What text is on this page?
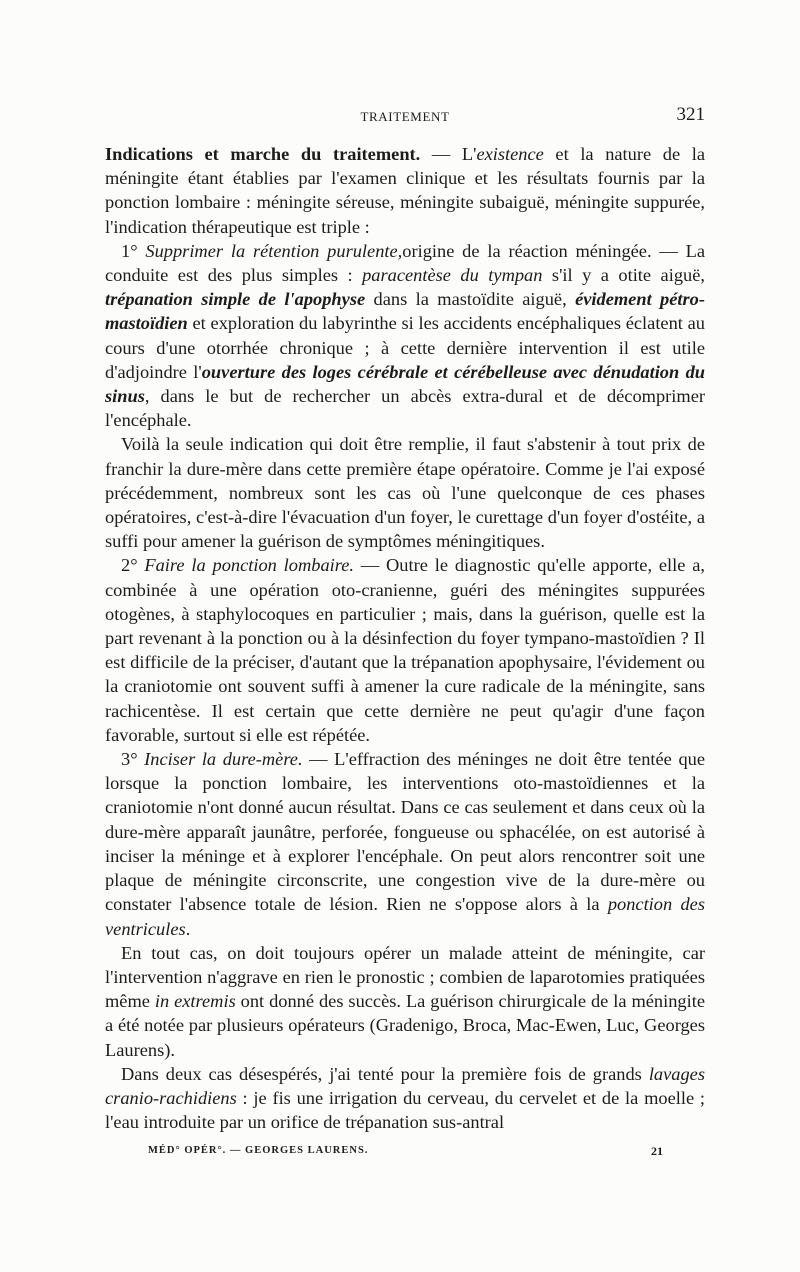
TRAITEMENT	321

Indications et marche du traitement. — L'existence et la nature de la méningite étant établies par l'examen clinique et les résultats fournis par la ponction lombaire : méningite séreuse, méningite subaiguë, méningite suppurée, l'indication thérapeutique est triple :

1° Supprimer la rétention purulente,origine de la réaction méningée. — La conduite est des plus simples : paracentèse du tympan s'il y a otite aiguë, trépanation simple de l'apophyse dans la mastoïdite aiguë, évidement pétro-mastoïdien et exploration du labyrinthe si les accidents encéphaliques éclatent au cours d'une otorrhée chronique ; à cette dernière intervention il est utile d'adjoindre l'ouverture des loges cérébrale et cérébelleuse avec dénudation du sinus, dans le but de rechercher un abcès extra-dural et de décomprimer l'encéphale.

Voilà la seule indication qui doit être remplie, il faut s'abstenir à tout prix de franchir la dure-mère dans cette première étape opératoire. Comme je l'ai exposé précédemment, nombreux sont les cas où l'une quelconque de ces phases opératoires, c'est-à-dire l'évacuation d'un foyer, le curettage d'un foyer d'ostéite, a suffi pour amener la guérison de symptômes méningitiques.

2° Faire la ponction lombaire. — Outre le diagnostic qu'elle apporte, elle a, combinée à une opération oto-cranienne, guéri des méningites suppurées otogènes, à staphylocoques en particulier ; mais, dans la guérison, quelle est la part revenant à la ponction ou à la désinfection du foyer tympano-mastoïdien ? Il est difficile de la préciser, d'autant que la trépanation apophysaire, l'évidement ou la craniotomie ont souvent suffi à amener la cure radicale de la méningite, sans rachicentèse. Il est certain que cette dernière ne peut qu'agir d'une façon favorable, surtout si elle est répétée.

3° Inciser la dure-mère. — L'effraction des méninges ne doit être tentée que lorsque la ponction lombaire, les interventions oto-mastoïdiennes et la craniotomie n'ont donné aucun résultat. Dans ce cas seulement et dans ceux où la dure-mère apparaît jaunâtre, perforée, fongueuse ou sphacélée, on est autorisé à inciser la méninge et à explorer l'encéphale. On peut alors rencontrer soit une plaque de méningite circonscrite, une congestion vive de la dure-mère ou constater l'absence totale de lésion. Rien ne s'oppose alors à la ponction des ventricules.

En tout cas, on doit toujours opérer un malade atteint de méningite, car l'intervention n'aggrave en rien le pronostic ; combien de laparotomies pratiquées même in extremis ont donné des succès. La guérison chirurgicale de la méningite a été notée par plusieurs opérateurs (Gradenigo, Broca, Mac-Ewen, Luc, Georges Laurens).

Dans deux cas désespérés, j'ai tenté pour la première fois de grands lavages cranio-rachidiens : je fis une irrigation du cerveau, du cervelet et de la moelle ; l'eau introduite par un orifice de trépanation sus-antral

MÉD° OPÉR°. — GEORGES LAURENS.	21
